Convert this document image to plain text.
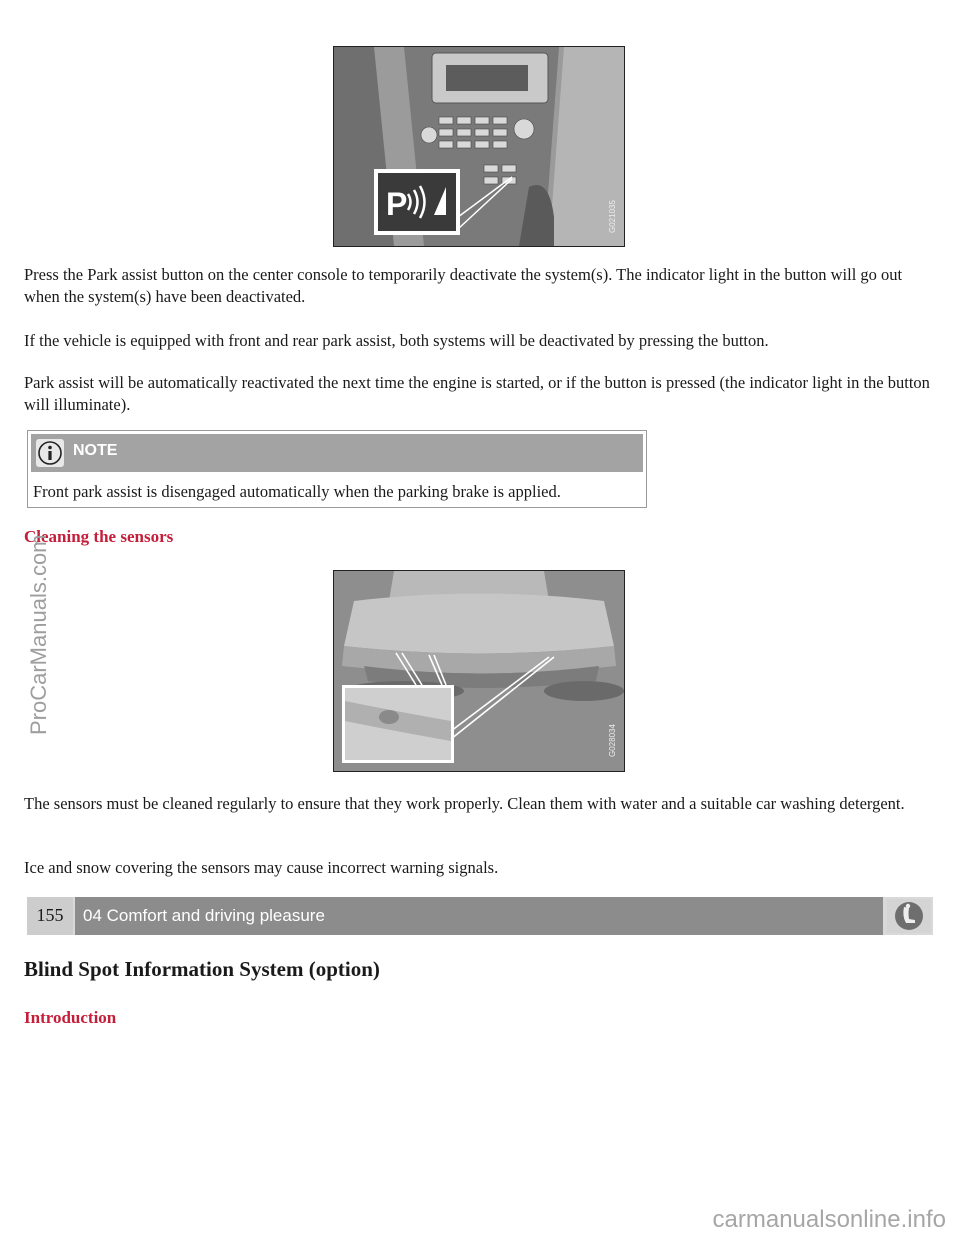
P	G021035

Press the Park assist button on the center console to temporarily deactivate the system(s). The indicator light in the button will go out when the system(s) have been deactivated.

If the vehicle is equipped with front and rear park assist, both systems will be deactivated by pressing the button.

Park assist will be automatically reactivated the next time the engine is started, or if the button is pressed (the indicator light in the button will illuminate).

NOTE
Front park assist is disengaged automatically when the parking brake is applied.

Cleaning the sensors

G028034

The sensors must be cleaned regularly to ensure that they work properly. Clean them with water and a suitable car washing detergent.

Ice and snow covering the sensors may cause incorrect warning signals.

155	04 Comfort and driving pleasure
Blind Spot Information System (option)

Introduction

ProCarManuals.com
carmanualsonline.info
